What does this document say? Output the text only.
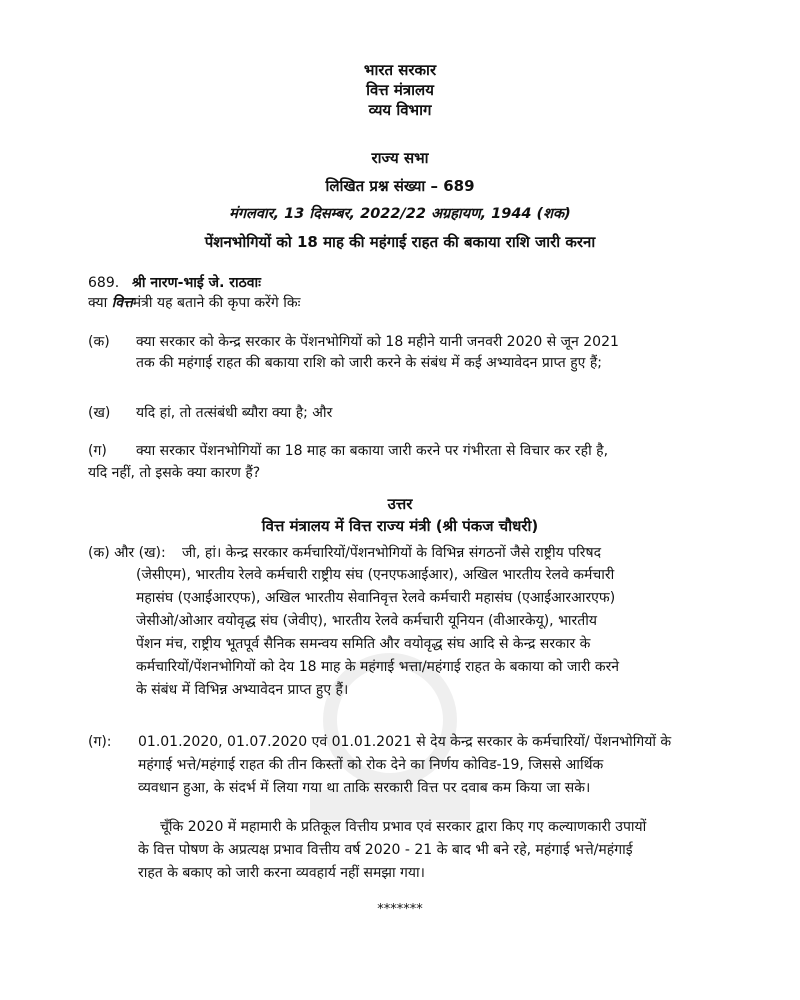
भारत सरकार
वित्त मंत्रालय
व्यय विभाग
राज्य सभा
लिखित प्रश्न संख्या – 689
मंगलवार, 13 दिसम्बर, 2022/22 अग्रहायण, 1944 (शक)
पेंशनभोगियों को 18 माह की महंगाई राहत की बकाया राशि जारी करना
689. श्री नारण-भाई जे. राठवाः
क्या वित्तमंत्री यह बताने की कृपा करेंगे किः
(क) क्या सरकार को केन्द्र सरकार के पेंशनभोगियों को 18 महीने यानी जनवरी 2020 से जून 2021
तक की महंगाई राहत की बकाया राशि को जारी करने के संबंध में कई अभ्यावेदन प्राप्त हुए हैं;
(ख) यदि हां, तो तत्संबंधी ब्यौरा क्या है; और
(ग) क्या सरकार पेंशनभोगियों का 18 माह का बकाया जारी करने पर गंभीरता से विचार कर रही है,
यदि नहीं, तो इसके क्या कारण हैं?
उत्तर
वित्त मंत्रालय में वित्त राज्य मंत्री (श्री पंकज चौधरी)
(क) और (ख): जी, हां। केन्द्र सरकार कर्मचारियों/पेंशनभोगियों के विभिन्न संगठनों जैसे राष्ट्रीय परिषद
(जेसीएम), भारतीय रेलवे कर्मचारी राष्ट्रीय संघ (एनएफआईआर), अखिल भारतीय रेलवे कर्मचारी
महासंघ (एआईआरएफ), अखिल भारतीय सेवानिवृत्त रेलवे कर्मचारी महासंघ (एआईआरआरएफ)
जेसीओ/ओआर वयोवृद्ध संघ (जेवीए), भारतीय रेलवे कर्मचारी यूनियन (वीआरकेयू), भारतीय
पेंशन मंच, राष्ट्रीय भूतपूर्व सैनिक समन्वय समिति और वयोवृद्ध संघ आदि से केन्द्र सरकार के
कर्मचारियों/पेंशनभोगियों को देय 18 माह के महंगाई भत्ता/महंगाई राहत के बकाया को जारी करने
के संबंध में विभिन्न अभ्यावेदन प्राप्त हुए हैं।
(ग): 01.01.2020, 01.07.2020 एवं 01.01.2021 से देय केन्द्र सरकार के कर्मचारियों/ पेंशनभोगियों के
महंगाई भत्ते/महंगाई राहत की तीन किस्तों को रोक देने का निर्णय कोविड-19, जिससे आर्थिक
व्यवधान हुआ, के संदर्भ में लिया गया था ताकि सरकारी वित्त पर दवाब कम किया जा सके।
चूँकि 2020 में महामारी के प्रतिकूल वित्तीय प्रभाव एवं सरकार द्वारा किए गए कल्याणकारी उपायों
के वित्त पोषण के अप्रत्यक्ष प्रभाव वित्तीय वर्ष 2020 - 21 के बाद भी बने रहे, महंगाई भत्ते/महंगाई
राहत के बकाए को जारी करना व्यवहार्य नहीं समझा गया।
*******
